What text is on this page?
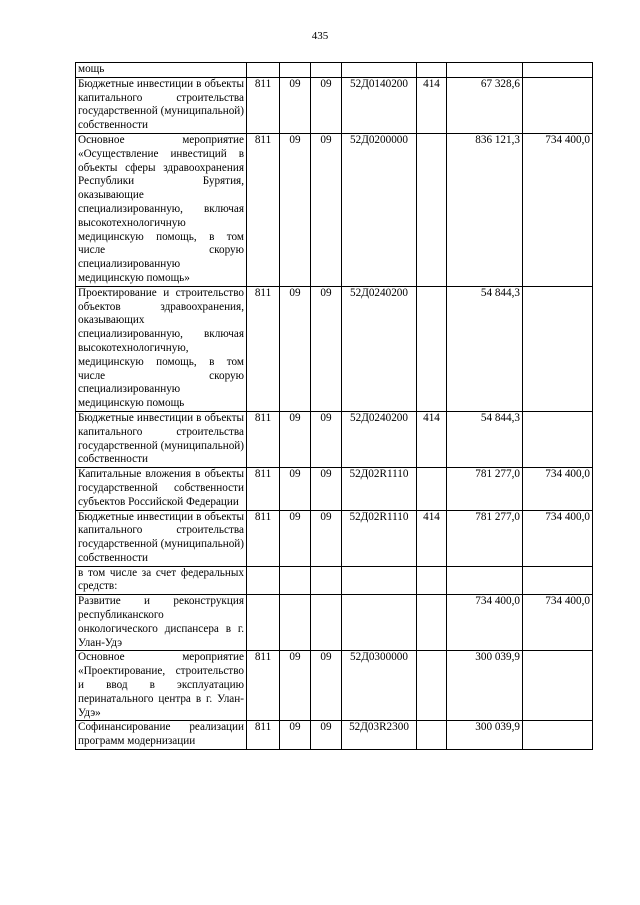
435
мощь							
Бюджетные инвестиции в объекты капитального строительства государственной (муниципальной) собственности	811	09	09	52Д0140200	414	67 328,6	
Основное мероприятие «Осуществление инвестиций в объекты сферы здравоохранения Республики Бурятия, оказывающие специализированную, включая высокотехнологичную медицинскую помощь, в том числе скорую специализированную медицинскую помощь»	811	09	09	52Д0200000		836 121,3	734 400,0
Проектирование и строительство объектов здравоохранения, оказывающих специализированную, включая высокотехнологичную, медицинскую помощь, в том числе скорую специализированную медицинскую помощь	811	09	09	52Д0240200		54 844,3	
Бюджетные инвестиции в объекты капитального строительства государственной (муниципальной) собственности	811	09	09	52Д0240200	414	54 844,3	
Капитальные вложения в объекты государственной собственности субъектов Российской Федерации	811	09	09	52Д02R1110		781 277,0	734 400,0
Бюджетные инвестиции в объекты капитального строительства государственной (муниципальной) собственности	811	09	09	52Д02R1110	414	781 277,0	734 400,0
в том числе за счет федеральных средств:							
Развитие и реконструкция республиканского онкологического диспансера в г. Улан-Удэ						734 400,0	734 400,0
Основное мероприятие «Проектирование, строительство и ввод в эксплуатацию перинатального центра в г. Улан-Удэ»	811	09	09	52Д0300000		300 039,9	
Софинансирование реализации программ модернизации	811	09	09	52Д03R2300		300 039,9	
